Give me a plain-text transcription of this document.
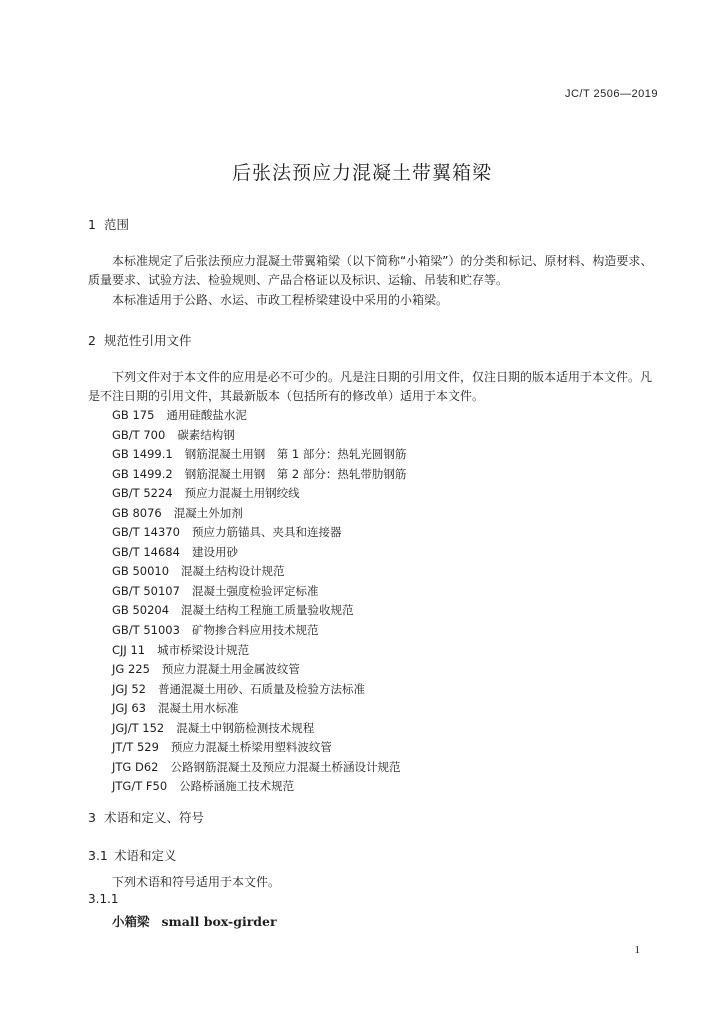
JC/T 2506—2019
后张法预应力混凝土带翼箱梁
1 范围
本标准规定了后张法预应力混凝土带翼箱梁（以下简称“小箱梁”）的分类和标记、原材料、构造要求、质量要求、试验方法、检验规则、产品合格证以及标识、运输、吊装和贮存等。
本标准适用于公路、水运、市政工程桥梁建设中采用的小箱梁。
2 规范性引用文件
下列文件对于本文件的应用是必不可少的。凡是注日期的引用文件，仅注日期的版本适用于本文件。凡是不注日期的引用文件，其最新版本（包括所有的修改单）适用于本文件。
GB 175 通用硅酸盐水泥
GB/T 700 碳素结构钢
GB 1499.1 钢筋混凝土用钢　第 1 部分：热轧光圆钢筋
GB 1499.2 钢筋混凝土用钢　第 2 部分：热轧带肋钢筋
GB/T 5224 预应力混凝土用钢绞线
GB 8076 混凝土外加剂
GB/T 14370 预应力筋锚具、夹具和连接器
GB/T 14684 建设用砂
GB 50010 混凝土结构设计规范
GB/T 50107 混凝土强度检验评定标准
GB 50204 混凝土结构工程施工质量验收规范
GB/T 51003 矿物掺合料应用技术规范
CJJ 11 城市桥梁设计规范
JG 225 预应力混凝土用金属波纹管
JGJ 52 普通混凝土用砂、石质量及检验方法标准
JGJ 63 混凝土用水标准
JGJ/T 152 混凝土中钢筋检测技术规程
JT/T 529 预应力混凝土桥梁用塑料波纹管
JTG D62 公路钢筋混凝土及预应力混凝土桥涵设计规范
JTG/T F50 公路桥涵施工技术规范
3 术语和定义、符号
3.1 术语和定义
下列术语和符号适用于本文件。
3.1.1
小箱梁 small box-girder
1
